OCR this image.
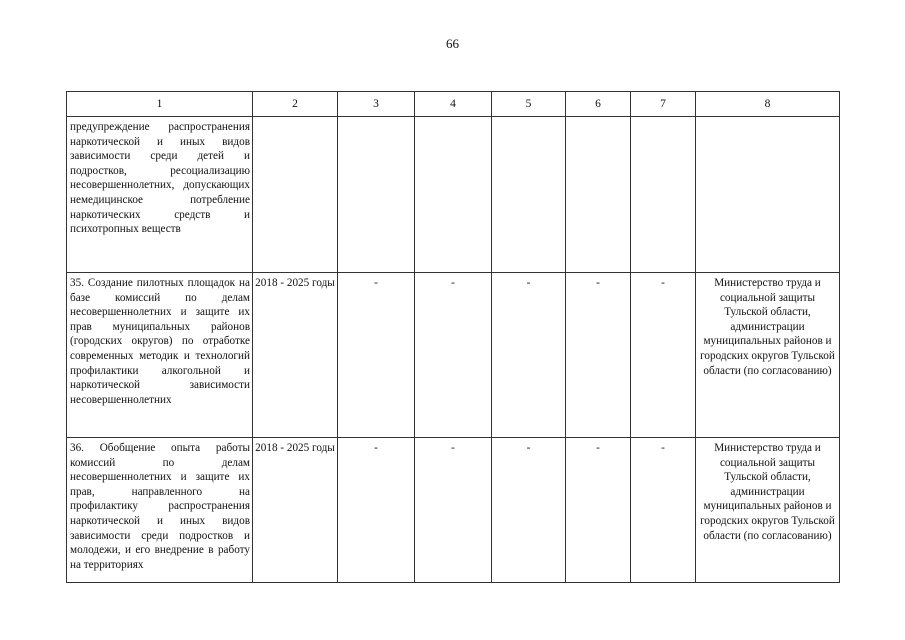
66
1	2	3	4	5	6	7	8

предупреждение распространения наркотической и иных видов зависимости среди детей и подростков, ресоциализацию несовершеннолетних, допускающих немедицинское потребление наркотических средств и психотропных веществ							

35. Создание пилотных площадок на базе комиссий по делам несовершеннолетних и защите их прав муниципальных районов (городских округов) по отработке современных методик и технологий профилактики алкогольной и наркотической зависимости несовершеннолетних	2018 - 2025 годы	-	-	-	-	-	Министерство труда и социальной защиты Тульской области, администрации муниципальных районов и городских округов Тульской области (по согласованию)

36. Обобщение опыта работы комиссий по делам несовершеннолетних и защите их прав, направленного на профилактику распространения наркотической и иных видов зависимости среди подростков и молодежи, и его внедрение в работу на территориях	2018 - 2025 годы	-	-	-	-	-	Министерство труда и социальной защиты Тульской области, администрации муниципальных районов и городских округов Тульской области (по согласованию)
